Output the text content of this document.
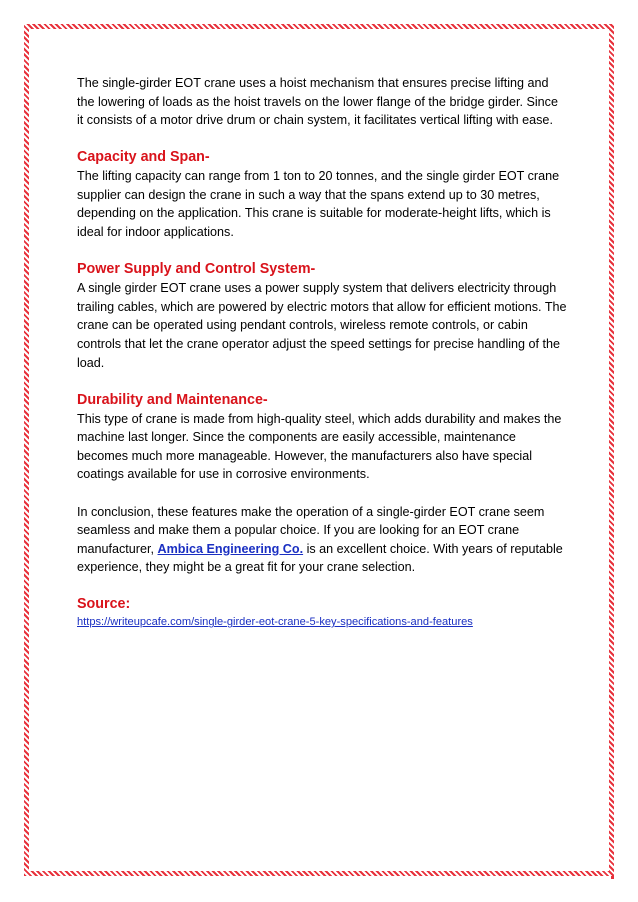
The single-girder EOT crane uses a hoist mechanism that ensures precise lifting and the lowering of loads as the hoist travels on the lower flange of the bridge girder. Since it consists of a motor drive drum or chain system, it facilitates vertical lifting with ease.

Capacity and Span-

The lifting capacity can range from 1 ton to 20 tonnes, and the single girder EOT crane supplier can design the crane in such a way that the spans extend up to 30 metres, depending on the application. This crane is suitable for moderate-height lifts, which is ideal for indoor applications.

Power Supply and Control System-

A single girder EOT crane uses a power supply system that delivers electricity through trailing cables, which are powered by electric motors that allow for efficient motions. The crane can be operated using pendant controls, wireless remote controls, or cabin controls that let the crane operator adjust the speed settings for precise handling of the load.

Durability and Maintenance-

This type of crane is made from high-quality steel, which adds durability and makes the machine last longer. Since the components are easily accessible, maintenance becomes much more manageable. However, the manufacturers also have special coatings available for use in corrosive environments.

In conclusion, these features make the operation of a single-girder EOT crane seem seamless and make them a popular choice. If you are looking for an EOT crane manufacturer, Ambica Engineering Co. is an excellent choice. With years of reputable experience, they might be a great fit for your crane selection.

Source:
https://writeupcafe.com/single-girder-eot-crane-5-key-specifications-and-features
